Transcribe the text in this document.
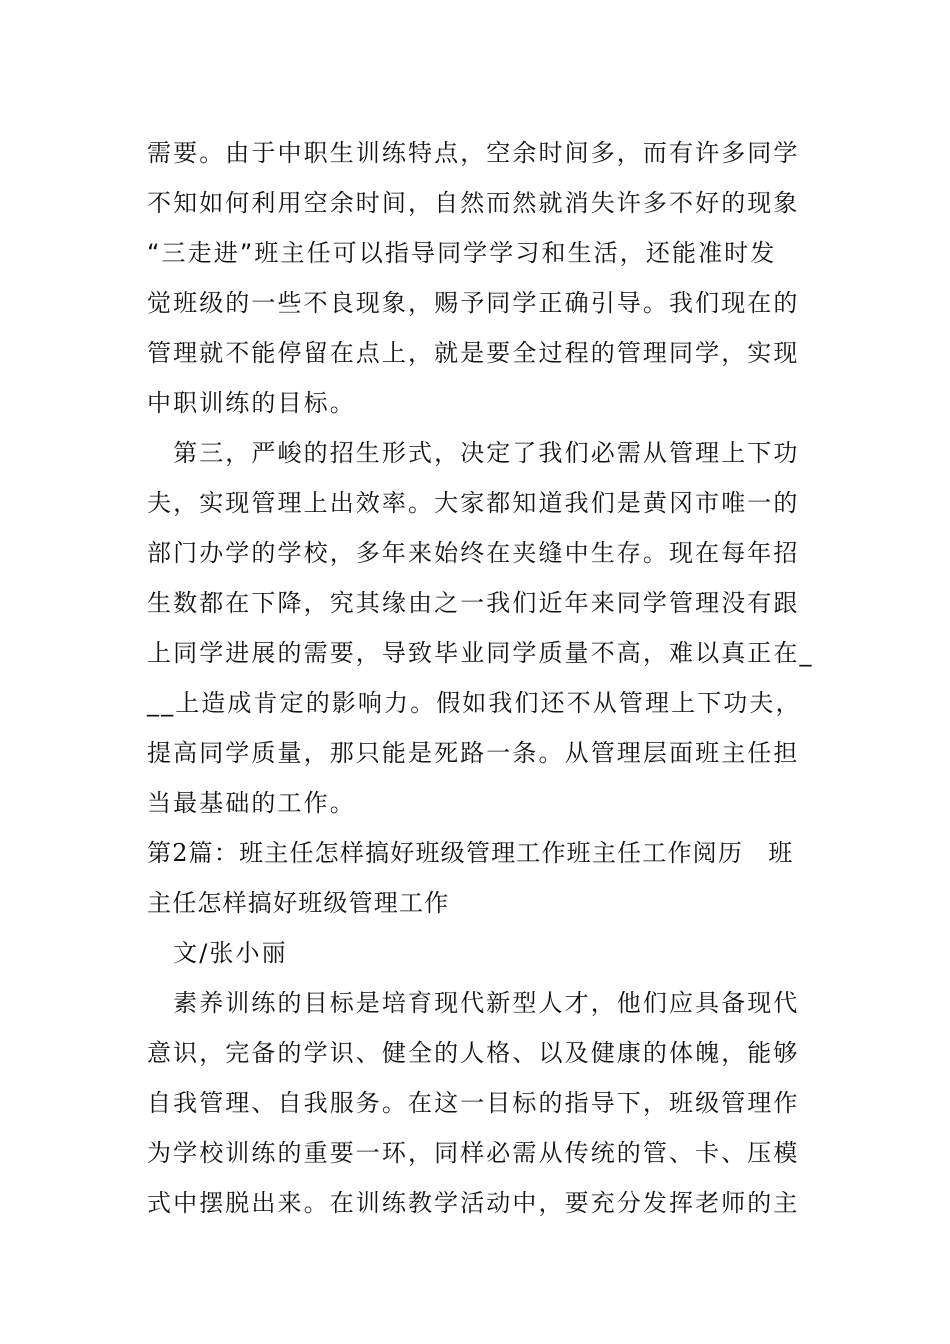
需要。由于中职生训练特点，空余时间多，而有许多同学
不知如何利用空余时间，自然而然就消失许多不好的现象
“三走进”班主任可以指导同学学习和生活，还能准时发
觉班级的一些不良现象，赐予同学正确引导。我们现在的
管理就不能停留在点上，就是要全过程的管理同学，实现
中职训练的目标。
　第三，严峻的招生形式，决定了我们必需从管理上下功
夫，实现管理上出效率。大家都知道我们是黄冈市唯一的
部门办学的学校，多年来始终在夹缝中生存。现在每年招
生数都在下降，究其缘由之一我们近年来同学管理没有跟
上同学进展的需要，导致毕业同学质量不高，难以真正在_
__上造成肯定的影响力。假如我们还不从管理上下功夫，
提高同学质量，那只能是死路一条。从管理层面班主任担
当最基础的工作。
第2篇：班主任怎样搞好班级管理工作班主任工作阅历　班
主任怎样搞好班级管理工作
　文/张小丽
　素养训练的目标是培育现代新型人才，他们应具备现代
意识，完备的学识、健全的人格、以及健康的体魄，能够
自我管理、自我服务。在这一目标的指导下，班级管理作
为学校训练的重要一环，同样必需从传统的管、卡、压模
式中摆脱出来。在训练教学活动中，要充分发挥老师的主
